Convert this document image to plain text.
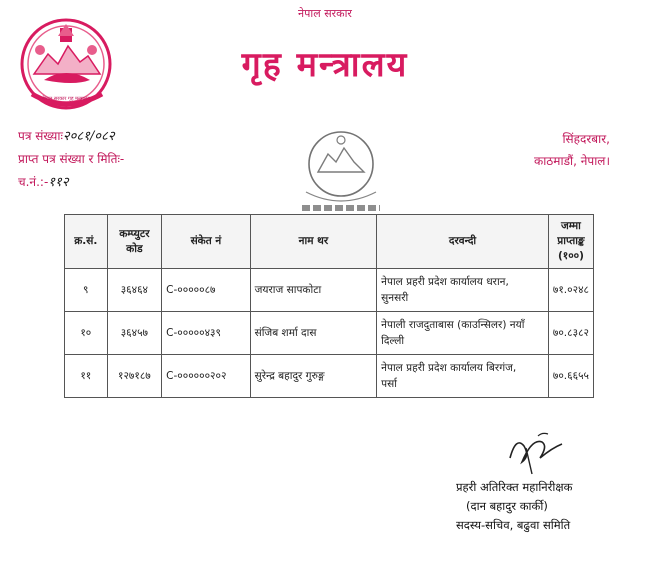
नेपाल सरकार गृह मन्त्रालय
नेपाल सरकार
गृह मन्त्रालय
पत्र संख्याः२०८१/०८२
प्राप्त पत्र संख्या र मितिः-
च.नं.:-११२
सिंहदरबार,
काठमाडौं, नेपाल।
क्र.सं.	कम्प्युटर कोड	संकेत नं	नाम थर	दरवन्दी	जम्मा प्राप्ताङ्क
(१००)

९	३६४६४	C-०००००८७	जयराज सापकोटा	नेपाल प्रहरी प्रदेश कार्यालय धरान,
सुनसरी	७१.०२४८
१०	३६४५७	C-०००००४३९	संजिब शर्मा दास	नेपाली राजदुताबास (काउन्सिलर) नयाँ
दिल्ली	७०.८३८२
११	१२७१८७	C-००००००२०२	सुरेन्द्र बहादुर गुरुङ्ग	नेपाल प्रहरी प्रदेश कार्यालय बिरगंज,
पर्सा	७०.६६५५
प्रहरी अतिरिक्त महानिरीक्षक
(दान बहादुर कार्की)
सदस्य-सचिव, बढुवा समिति
